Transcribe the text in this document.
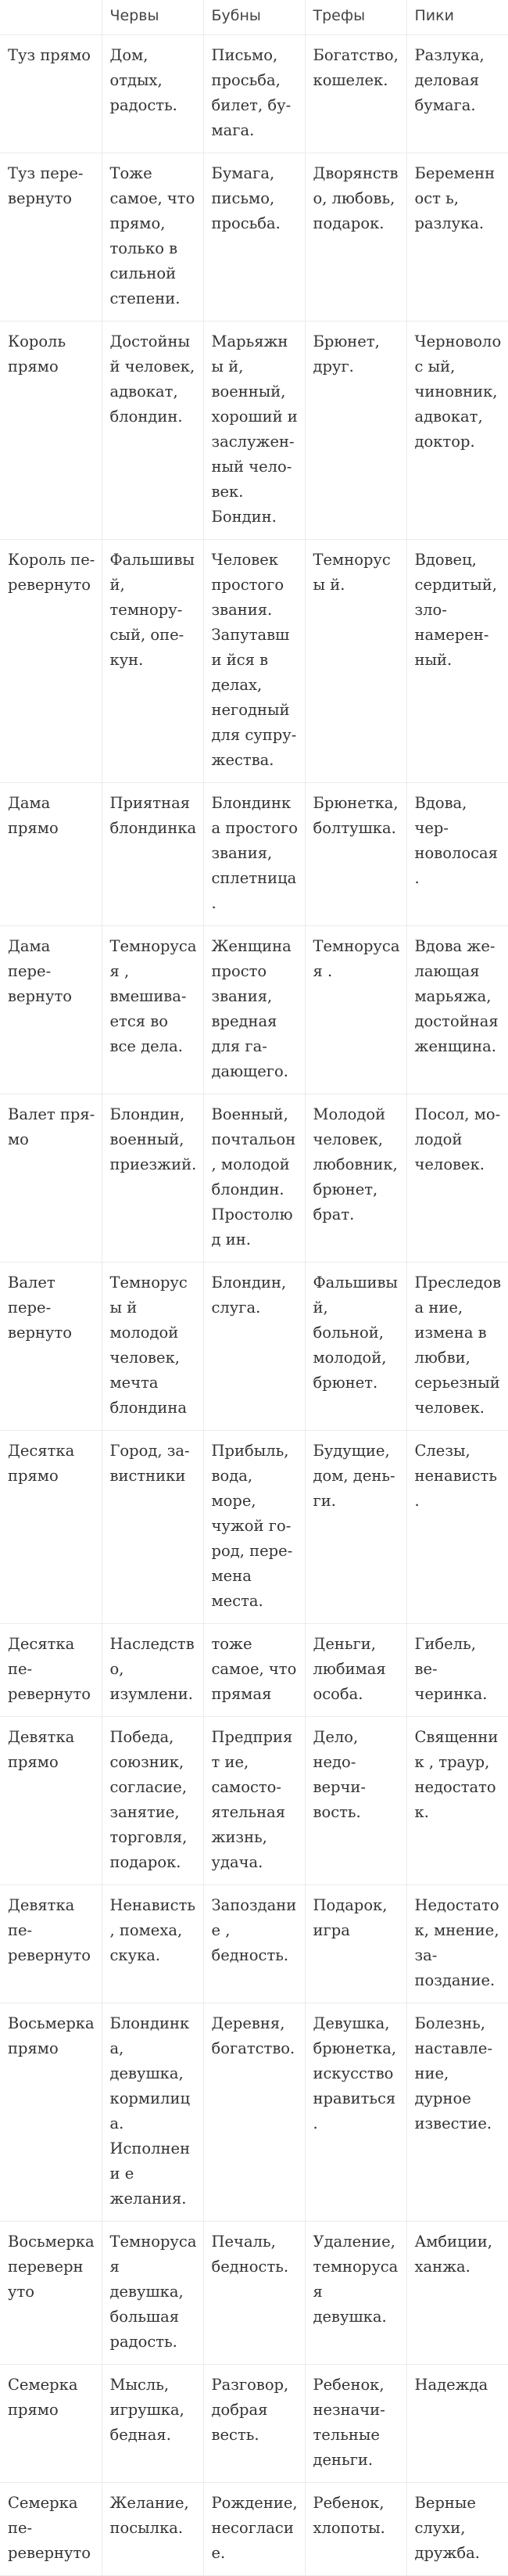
	Червы	Бубны	Трефы	Пики
Туз прямо	Дом, отдых, радость.	Письмо, просьба, билет, бумага.	Богатство, кошелек.	Разлука, деловая бумага.
Туз перевернуто	Тоже самое, что прямо, только в сильной степени.	Бумага, письмо, просьба.	Дворянство, любовь, подарок.	Беременност ь, разлука.
Король прямо	Достойный человек, адвокат, блондин.	Марьяжны й, военный, хороший и заслуженный человек. Бондин.	Брюнет, друг.	Черноволос ый, чиновник, адвокат, доктор.
Король перевернуто	Фальшивы й, темнорусый, опекун.	Человек простого звания. Запутавши йся в делах, негодный для супружества.	Темнорусы й.	Вдовец, сердитый, злонамеренный.
Дама прямо	Приятная блондинка	Блондинка простого звания, сплетница.	Брюнетка, болтушка.	Вдова, черноволосая.
Дама перевернуто	Темнорусая , вмешивается во все дела.	Женщина просто звания, вредная для гадающего.	Темнорусая .	Вдова желающая марьяжа, достойная женщина.
Валет прямо	Блондин, военный, приезжий.	Военный, почтальон, молодой блондин. Простолюд ин.	Молодой человек, любовник, брюнет, брат.	Посол, молодой человек.
Валет перевернуто	Темнорусы й молодой человек, мечта блондина	Блондин, слуга.	Фальшивы й, больной, молодой, брюнет.	Преследова ние, измена в любви, серьезный человек.
Десятка прямо	Город, завистники	Прибыль, вода, море, чужой город, перемена места.	Будущие, дом, деньги.	Слезы, ненависть.
Десятка перевернуто	Наследство, изумлени.	тоже самое, что прямая	Деньги, любимая особа.	Гибель, вечеринка.
Девятка прямо	Победа, союзник, согласие, занятие, торговля, подарок.	Предприят ие, самостоятельная жизнь, удача.	Дело, недоверчивость.	Священник , траур, недостаток.
Девятка перевернуто	Ненависть, помеха, скука.	Запоздание , бедность.	Подарок, игра	Недостаток, мнение, запоздание.
Восьмерка прямо	Блондинка, девушка, кормилица. Исполнени е желания.	Деревня, богатство.	Девушка, брюнетка, искусство нравиться.	Болезнь, наставление, дурное известие.
Восьмерка перевернуто	Темнорусая девушка, большая радость.	Печаль, бедность.	Удаление, темнорусая девушка.	Амбиции, ханжа.
Семерка прямо	Мысль, игрушка, бедная.	Разговор, добрая весть.	Ребенок, незначительные деньги.	Надежда
Семерка перевернуто	Желание, посылка.	Рождение, несогласие.	Ребенок, хлопоты.	Верные слухи, дружба.
